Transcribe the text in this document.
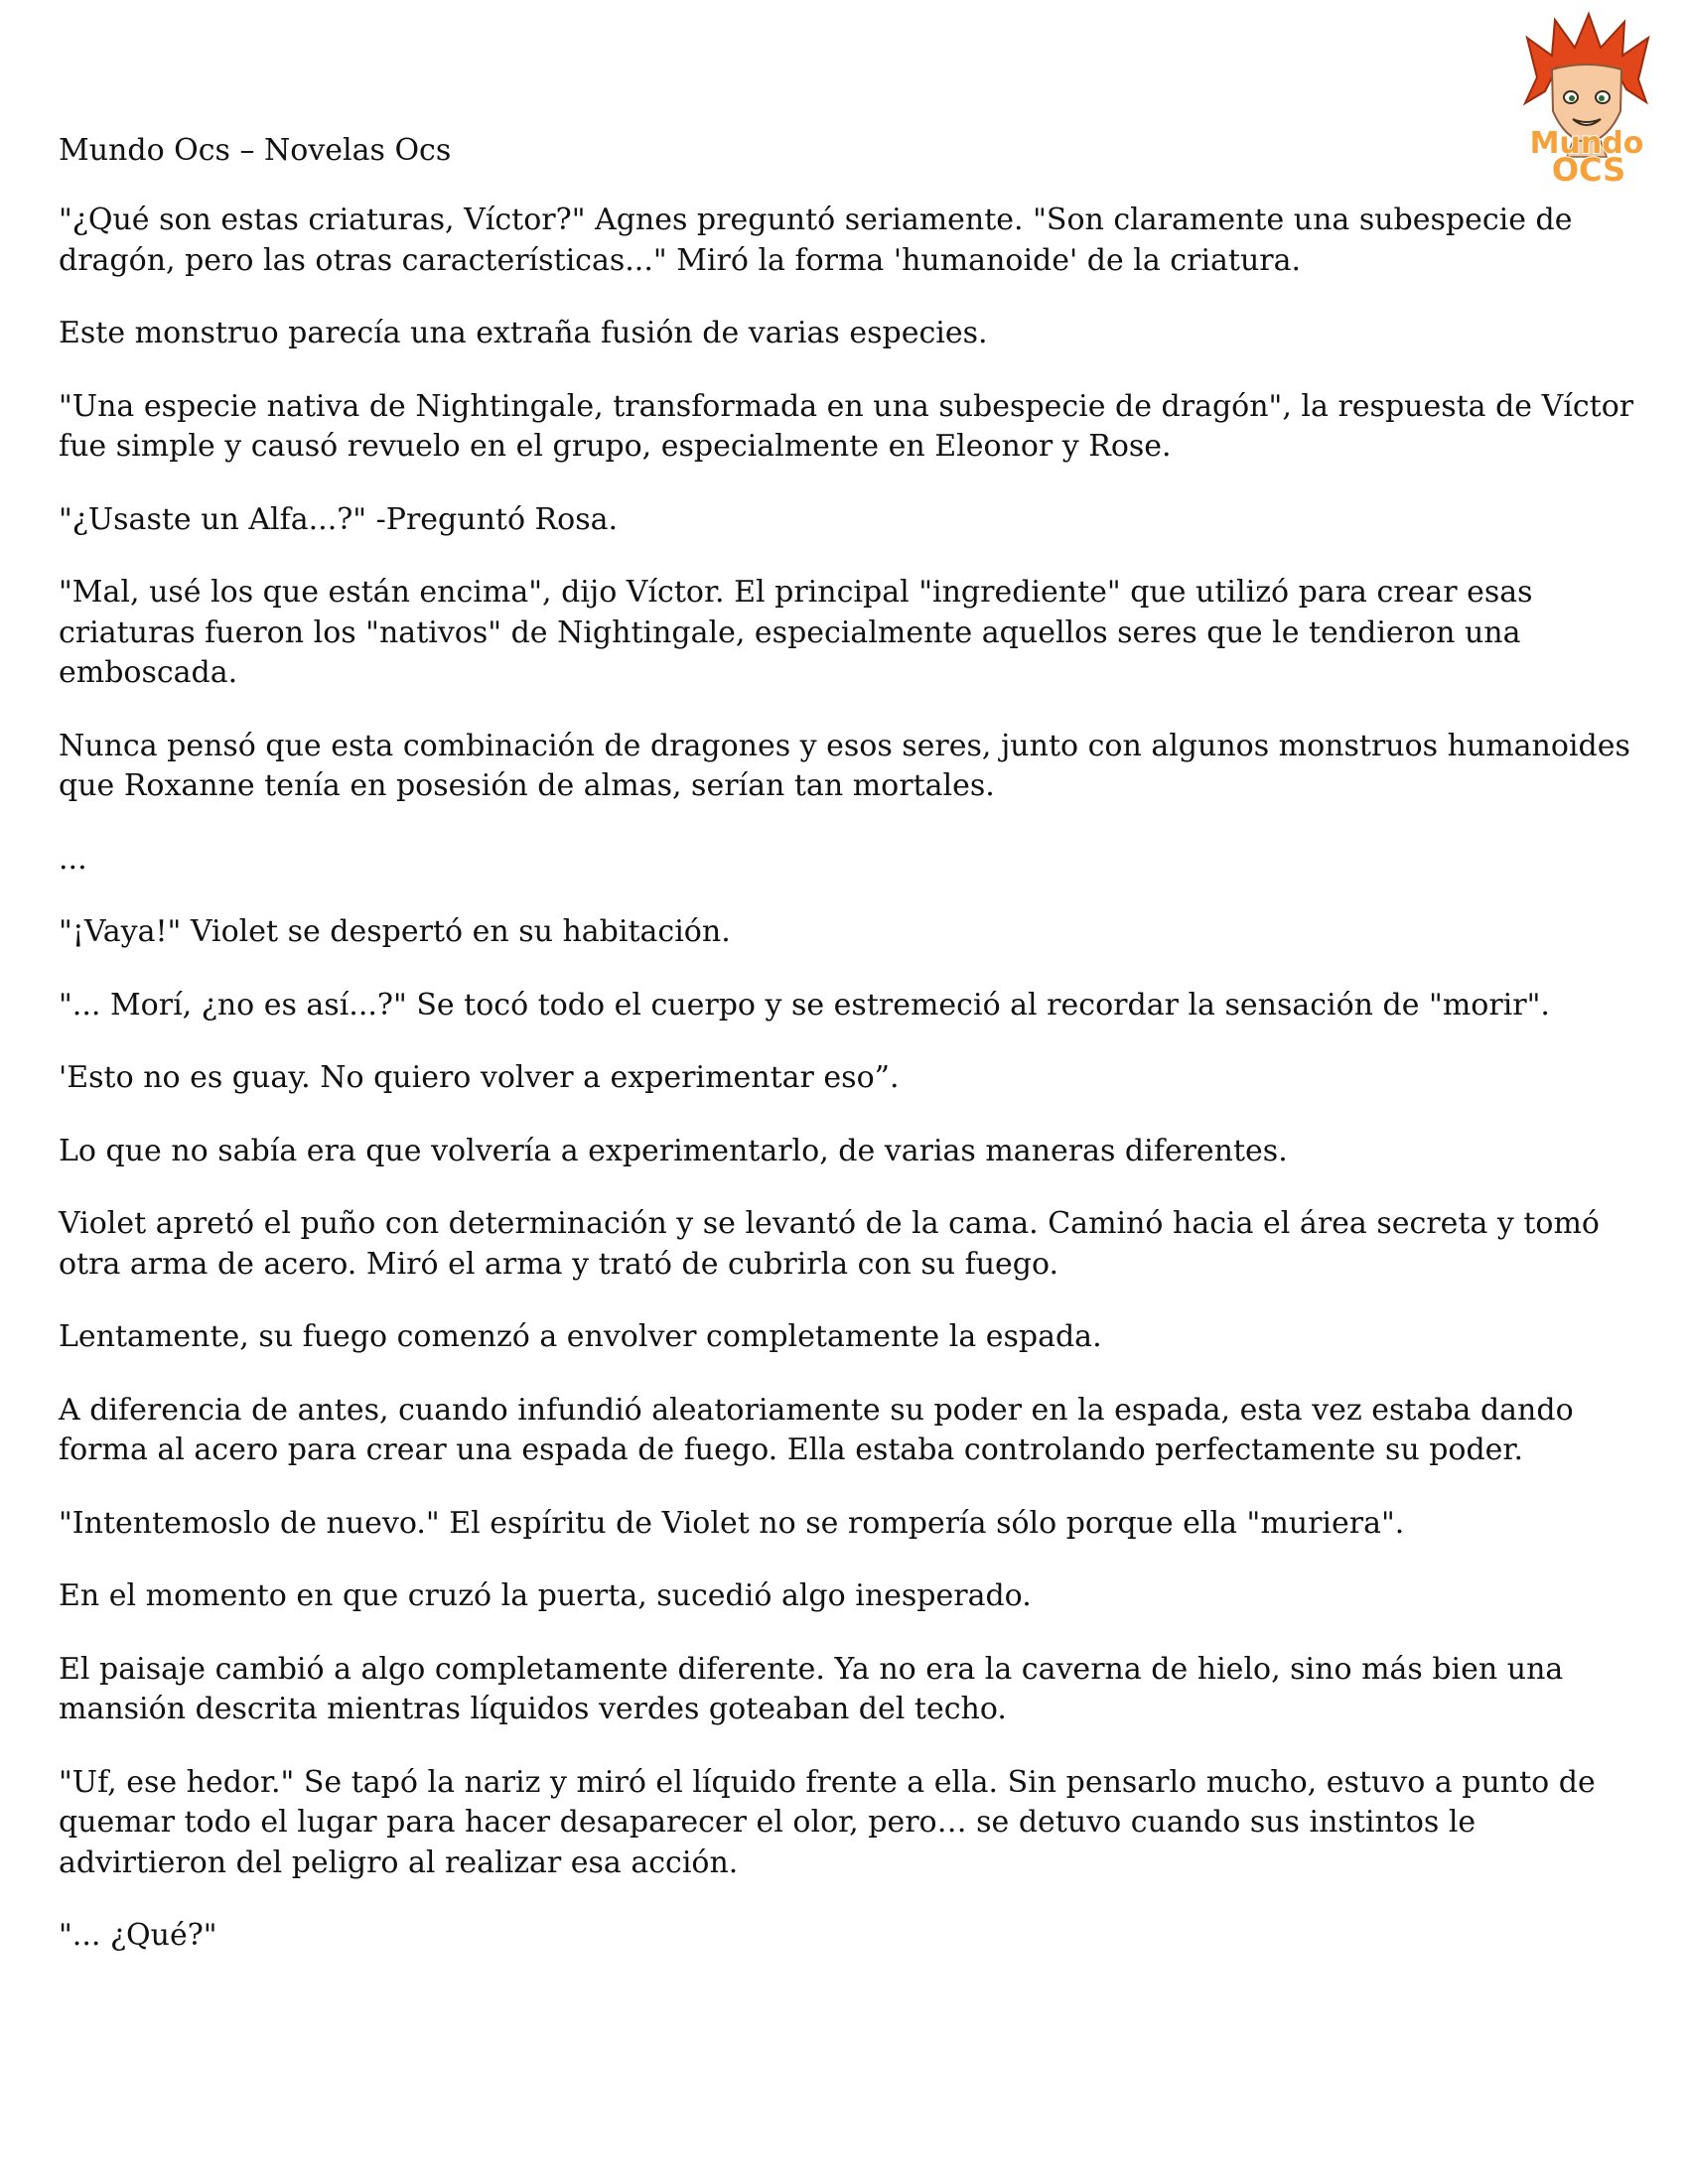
Mundo Ocs – Novelas Ocs	Mundo
OCS

"¿Qué son estas criaturas, Víctor?" Agnes preguntó seriamente. "Son claramente una subespecie de dragón, pero las otras características..." Miró la forma 'humanoide' de la criatura.

Este monstruo parecía una extraña fusión de varias especies.

"Una especie nativa de Nightingale, transformada en una subespecie de dragón", la respuesta de Víctor fue simple y causó revuelo en el grupo, especialmente en Eleonor y Rose.

"¿Usaste un Alfa...?" -Preguntó Rosa.

"Mal, usé los que están encima", dijo Víctor. El principal "ingrediente" que utilizó para crear esas criaturas fueron los "nativos" de Nightingale, especialmente aquellos seres que le tendieron una emboscada.

Nunca pensó que esta combinación de dragones y esos seres, junto con algunos monstruos humanoides que Roxanne tenía en posesión de almas, serían tan mortales.

...

"¡Vaya!" Violet se despertó en su habitación.

"... Morí, ¿no es así...?" Se tocó todo el cuerpo y se estremeció al recordar la sensación de "morir".

'Esto no es guay. No quiero volver a experimentar eso”.

Lo que no sabía era que volvería a experimentarlo, de varias maneras diferentes.

Violet apretó el puño con determinación y se levantó de la cama. Caminó hacia el área secreta y tomó otra arma de acero. Miró el arma y trató de cubrirla con su fuego.

Lentamente, su fuego comenzó a envolver completamente la espada.

A diferencia de antes, cuando infundió aleatoriamente su poder en la espada, esta vez estaba dando forma al acero para crear una espada de fuego. Ella estaba controlando perfectamente su poder.

"Intentemoslo de nuevo." El espíritu de Violet no se rompería sólo porque ella "muriera".

En el momento en que cruzó la puerta, sucedió algo inesperado.

El paisaje cambió a algo completamente diferente. Ya no era la caverna de hielo, sino más bien una mansión descrita mientras líquidos verdes goteaban del techo.

"Uf, ese hedor." Se tapó la nariz y miró el líquido frente a ella. Sin pensarlo mucho, estuvo a punto de quemar todo el lugar para hacer desaparecer el olor, pero… se detuvo cuando sus instintos le advirtieron del peligro al realizar esa acción.

"... ¿Qué?"
